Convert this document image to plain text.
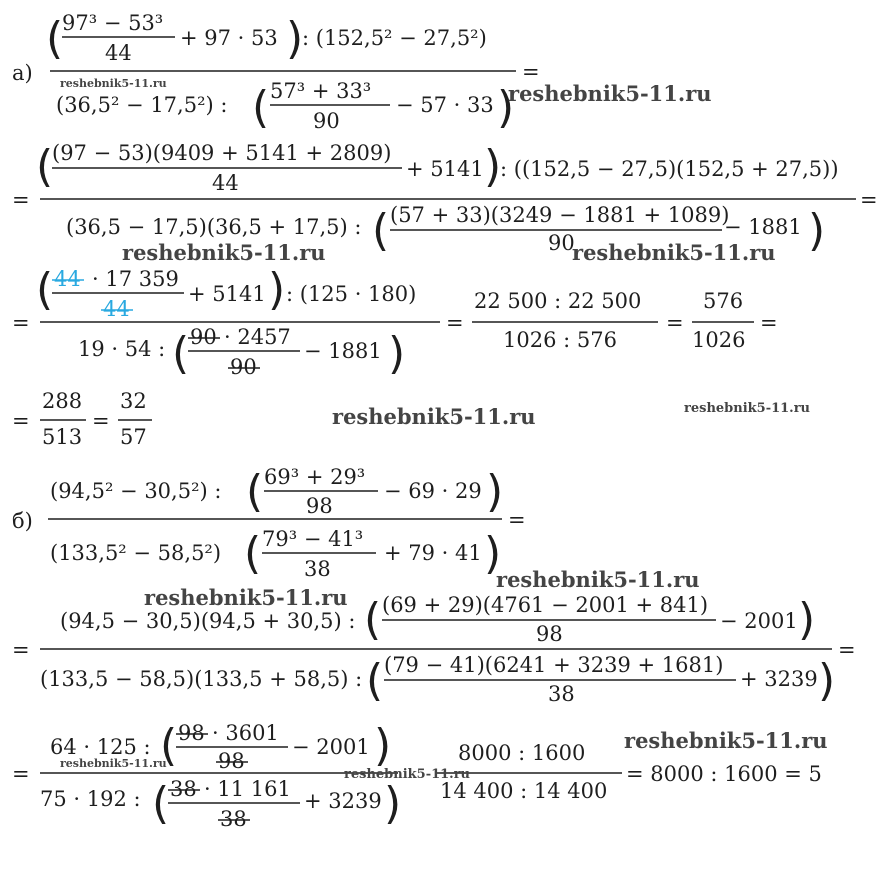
а)
(
97³ − 53³
44
+ 97 · 53 )
: (152,5² − 27,5²)
=
(36,5² − 17,5²) : ( 57³ + 33³
90
− 57 · 33 )
=
(
(97 − 53)(9409 + 5141 + 2809)
44
+ 5141 )
: ((152,5 − 27,5)(152,5 + 27,5))
=
(36,5 − 17,5)(36,5 + 17,5) : ( (57 + 33)(3249 − 1881 + 1089)
90
− 1881 )
=
( 44 · 17 359
44
+ 5141 ) : (125 · 180)
19 · 54 : ( 90 · 2457
90
− 1881 )
=
22 500 : 22 500
1026 : 576
=
576
1026
=
=
288
513
=
32
57
б)
(94,5² − 30,5²) : ( 69³ + 29³
98
− 69 · 29 )
=
(133,5² − 58,5²) ( 79³ − 41³
38
+ 79 · 41 )
=
(94,5 − 30,5)(94,5 + 30,5) : ( (69 + 29)(4761 − 2001 + 841)
98
− 2001 )
=
(133,5 − 58,5)(133,5 + 58,5) : ( (79 − 41)(6241 + 3239 + 1681)
38
+ 3239 )
=
64 · 125 : ( 98 · 3601
98
− 2001 )
75 · 192 : ( 38 · 11 161
38
+ 3239 )
8000 : 1600
14 400 : 14 400
= 8000 : 1600 = 5
reshebnik5-11.ru
reshebnik5-11.ru
reshebnik5-11.ru	reshebnik5-11.ru
reshebnik5-11.ru	reshebnik5-11.ru
reshebnik5-11.ru
reshebnik5-11.ru
reshebnik5-11.ru
reshebnik5-11.ru
reshebnik5-11.ru
